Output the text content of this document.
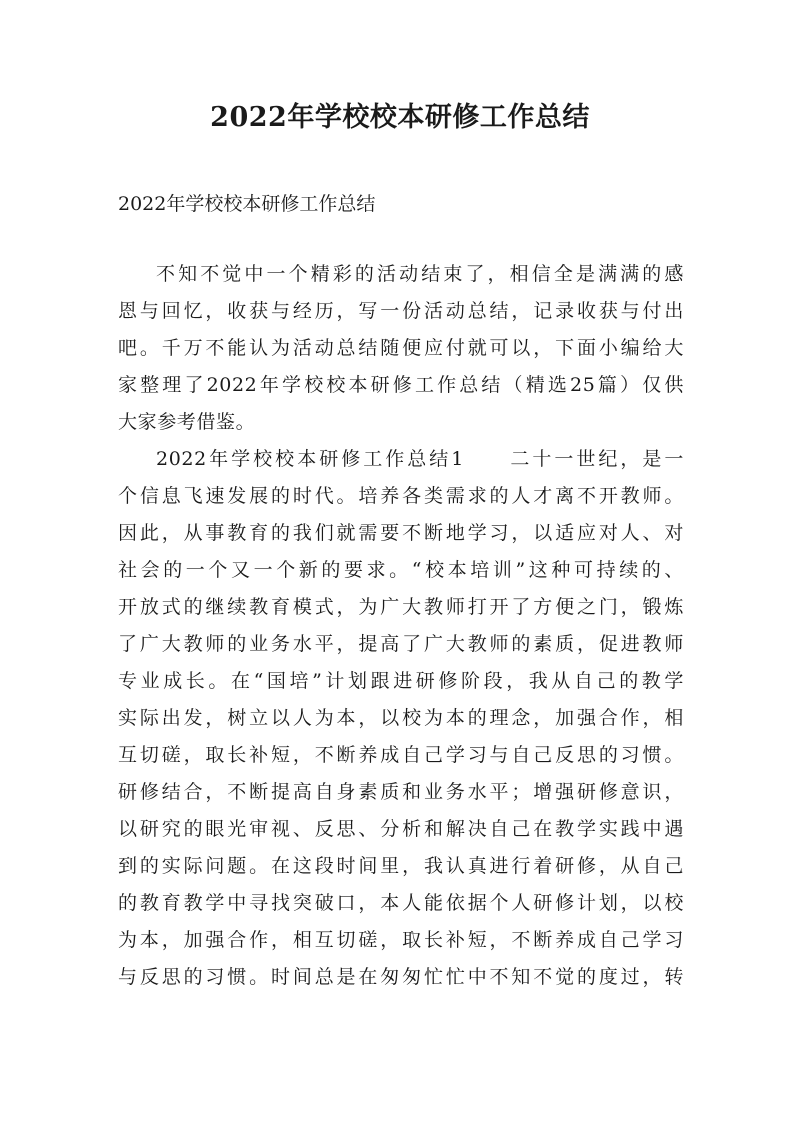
2022年学校校本研修工作总结

2022年学校校本研修工作总结

不知不觉中一个精彩的活动结束了，相信全是满满的感
恩与回忆，收获与经历，写一份活动总结，记录收获与付出
吧。千万不能认为活动总结随便应付就可以，下面小编给大
家整理了2022年学校校本研修工作总结（精选25篇）仅供
大家参考借鉴。
2022年学校校本研修工作总结1　　二十一世纪，是一
个信息飞速发展的时代。培养各类需求的人才离不开教师。
因此，从事教育的我们就需要不断地学习，以适应对人、对
社会的一个又一个新的要求。“校本培训”这种可持续的、
开放式的继续教育模式，为广大教师打开了方便之门，锻炼
了广大教师的业务水平，提高了广大教师的素质，促进教师
专业成长。在“国培”计划跟进研修阶段，我从自己的教学
实际出发，树立以人为本，以校为本的理念，加强合作，相
互切磋，取长补短，不断养成自己学习与自己反思的习惯。
研修结合，不断提高自身素质和业务水平；增强研修意识，
以研究的眼光审视、反思、分析和解决自己在教学实践中遇
到的实际问题。在这段时间里，我认真进行着研修，从自己
的教育教学中寻找突破口，本人能依据个人研修计划，以校
为本，加强合作，相互切磋，取长补短，不断养成自己学习
与反思的习惯。时间总是在匆匆忙忙中不知不觉的度过，转
